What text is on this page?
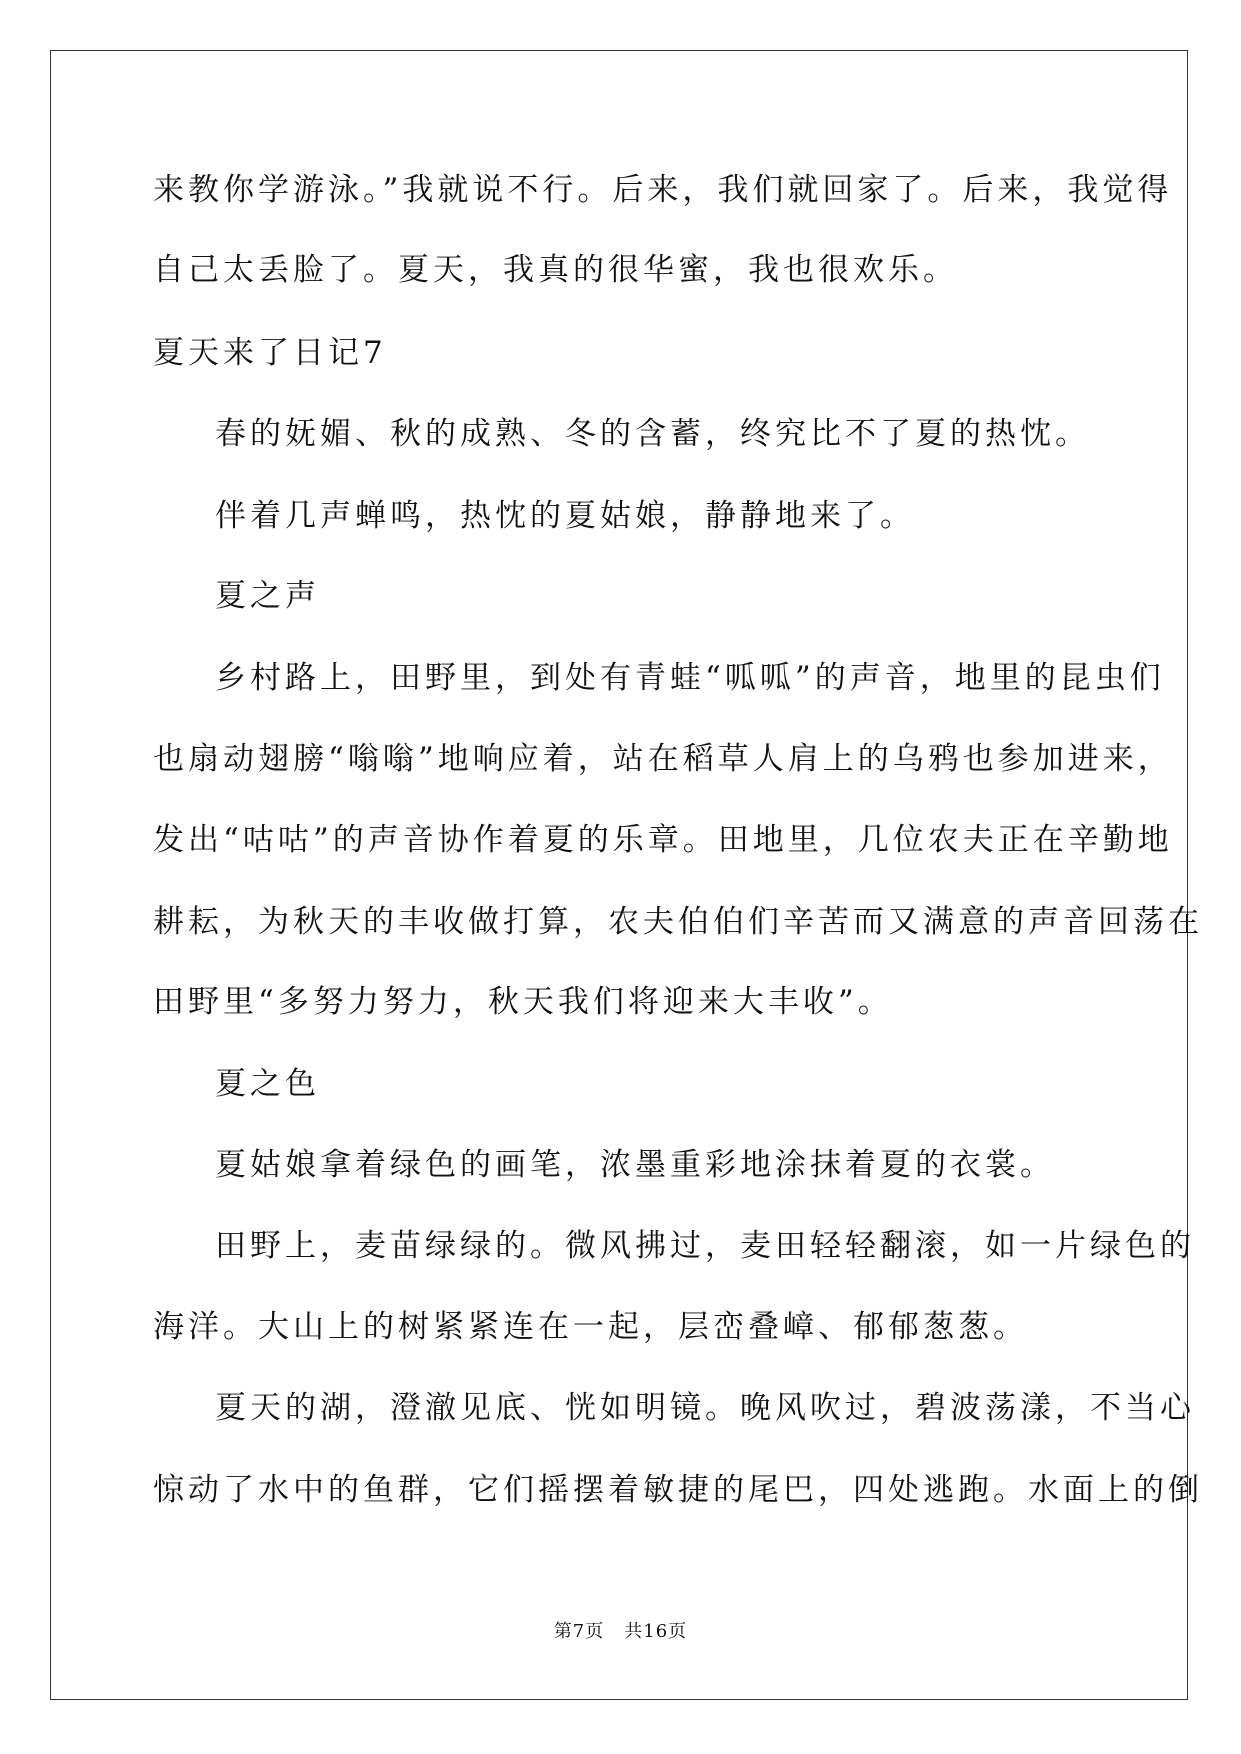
来教你学游泳。”我就说不行。后来，我们就回家了。后来，我觉得
自己太丢脸了。夏天，我真的很华蜜，我也很欢乐。
夏天来了日记7
春的妩媚、秋的成熟、冬的含蓄，终究比不了夏的热忱。
伴着几声蝉鸣，热忱的夏姑娘，静静地来了。
夏之声
乡村路上，田野里，到处有青蛙“呱呱”的声音，地里的昆虫们
也扇动翅膀“嗡嗡”地响应着，站在稻草人肩上的乌鸦也参加进来，
发出“咕咕”的声音协作着夏的乐章。田地里，几位农夫正在辛勤地
耕耘，为秋天的丰收做打算，农夫伯伯们辛苦而又满意的声音回荡在
田野里“多努力努力，秋天我们将迎来大丰收”。
夏之色
夏姑娘拿着绿色的画笔，浓墨重彩地涂抹着夏的衣裳。
田野上，麦苗绿绿的。微风拂过，麦田轻轻翻滚，如一片绿色的
海洋。大山上的树紧紧连在一起，层峦叠嶂、郁郁葱葱。
夏天的湖，澄澈见底、恍如明镜。晚风吹过，碧波荡漾，不当心
惊动了水中的鱼群，它们摇摆着敏捷的尾巴，四处逃跑。水面上的倒
第7页 共16页
